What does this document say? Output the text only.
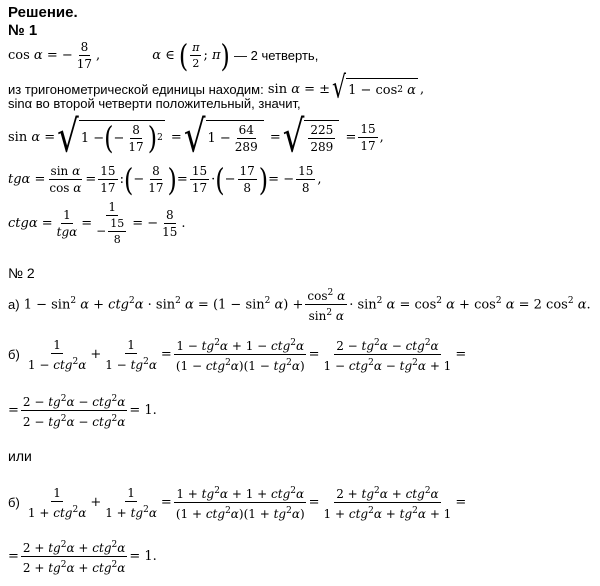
Решение.
№ 1
cos α = − $\frac{8}{17}$ ,	α ∈ ( $\frac{\pi}{2}$ ; π )
— 2 четверть,
из тригонометрической единицы находим: sin α = ± √ 1 − cos 2
α ,
sinα во второй четверти положительный, значит,
sin α = √ 1 − ( − $\frac{8}{17}$ ) 2 = √ $1 - \frac{64}{289}$ = √ $\frac{225}{289} = \frac{15}{17}$ ,
$tg\alpha = \frac{\text{sin α}}{\text{cos α}} = \frac{15}{17}$ : ( − $\frac{8}{17}$ ) = $\frac{15}{17}$ · ( − $\frac{17}{8}$ ) = − $\frac{15}{8}$ ,
$ctg\alpha = \frac{1}{\text{tgα}} = \frac{1}{- \frac{15}{8}}$ = − $\frac{8}{15}$ .
№ 2
а)
$1 - \sin^2 \alpha + ctg^2\alpha \cdot \sin^2 \alpha = (1 - \sin^2 \alpha) + \frac{\cos^2 \alpha}{\sin^2 \alpha} \cdot \sin^2 \alpha = \cos^2 \alpha + \cos^2 \alpha = 2$ $\cos^2 \alpha$.
б)
$\frac{1}{1 - ctg^2\alpha} + \frac{1}{1 - tg^2\alpha} = \frac{1 - tg^2\alpha + 1 - ctg^2\alpha}{(1 - ctg^2\alpha)(1 - tg^2\alpha)} = \frac{2 - tg^2\alpha - ctg^2\alpha}{1 - ctg^2\alpha - tg^2\alpha + 1}$ =
= $\frac{2 - tg^2\alpha - ctg^2\alpha}{2 - tg^2\alpha - ctg^2\alpha} = 1$.
или
б)
$\frac{1}{1 + ctg^2\alpha} + \frac{1}{1 + tg^2\alpha} = \frac{1 + tg^2\alpha + 1 + ctg^2\alpha}{(1 + ctg^2\alpha)(1 + tg^2\alpha)} = \frac{2 + tg^2\alpha + ctg^2\alpha}{1 + ctg^2\alpha + tg^2\alpha + 1}$ =
= $\frac{2 + tg^2\alpha + ctg^2\alpha}{2 + tg^2\alpha + ctg^2\alpha} = 1$.
